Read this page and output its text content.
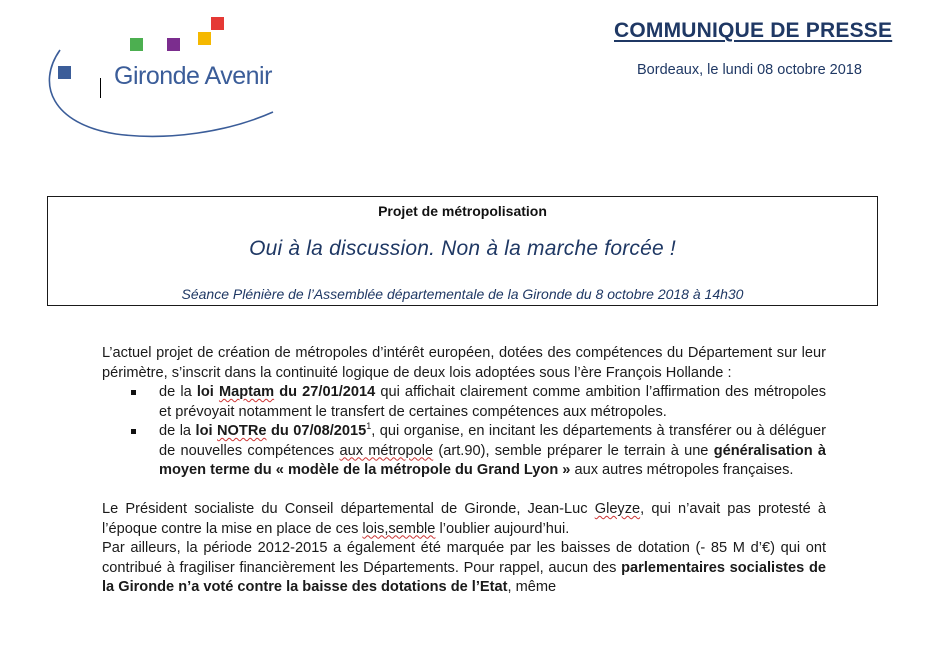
Gironde Avenir
COMMUNIQUE DE PRESSE
Bordeaux, le lundi 08 octobre 2018
Projet de métropolisation
Oui à la discussion. Non à la marche forcée !
Séance Plénière de l’Assemblée départementale de la Gironde du 8 octobre 2018 à 14h30

L’actuel projet de création de métropoles d’intérêt européen, dotées des compétences du Département sur leur périmètre, s’inscrit dans la continuité logique de deux lois adoptées sous l’ère François Hollande :

de la loi Maptam du 27/01/2014 qui affichait clairement comme ambition l’affirmation des métropoles et prévoyait notamment le transfert de certaines compétences aux métropoles.
de la loi NOTRe du 07/08/2015$^1$, qui organise, en incitant les départements à transférer ou à déléguer de nouvelles compétences aux métropole (art.90), semble préparer le terrain à une généralisation à moyen terme du « modèle de la métropole du Grand Lyon » aux autres métropoles françaises.

Le Président socialiste du Conseil départemental de Gironde, Jean-Luc Gleyze, qui n’avait pas protesté à l’époque contre la mise en place de ces lois,semble l’oublier aujourd’hui.

Par ailleurs, la période 2012-2015 a également été marquée par les baisses de dotation (- 85 M d’€) qui ont contribué à fragiliser financièrement les Départements. Pour rappel, aucun des parlementaires socialistes de la Gironde n’a voté contre la baisse des dotations de l’Etat, même
